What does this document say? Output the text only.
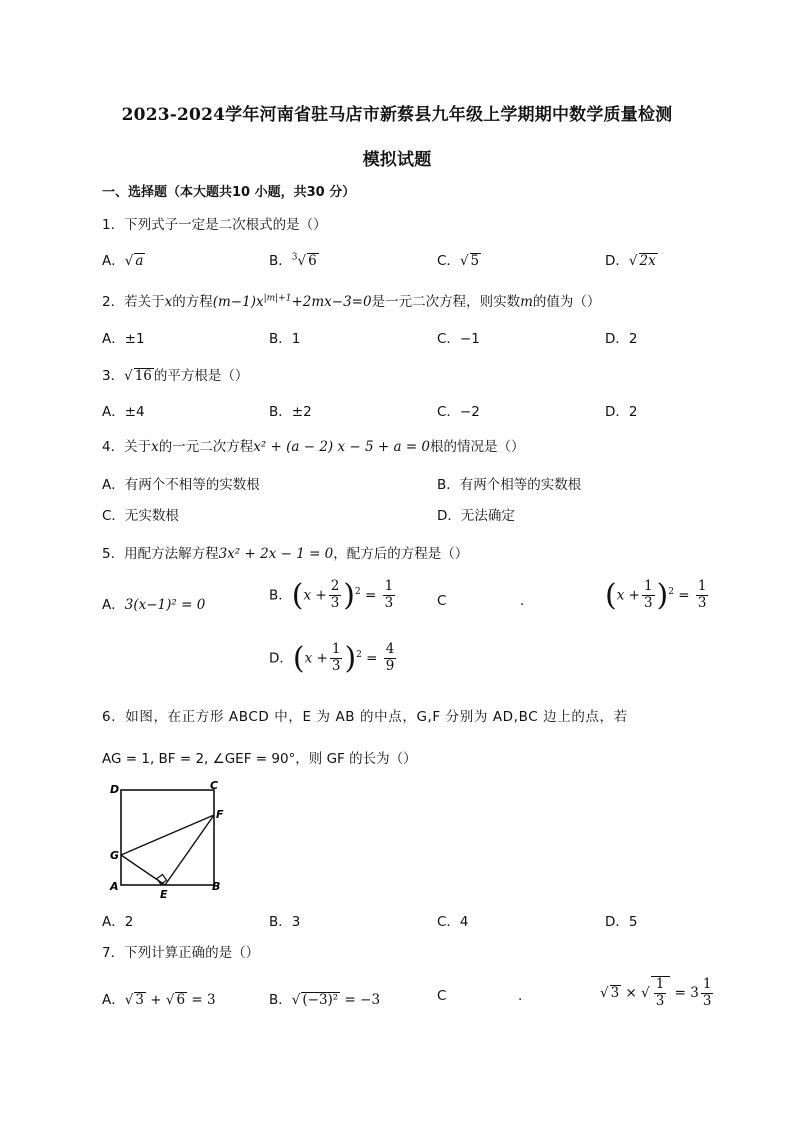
2023-2024学年河南省驻马店市新蔡县九年级上学期期中数学质量检测
模拟试题
一、选择题（本大题共10 小题，共30 分）
1．下列式子一定是二次根式的是（）
A．√ a	B．$^3$√ 6	C．√ 5	D．√ 2x
2．若关于x的方程$(m-1)x^{|m|+1}+2mx-3=0$是一元二次方程，则实数m的值为（）
A．±1	B．1	C．−1	D．2
3．√ 16 的平方根是（）
A．±4	B．±2	C．−2	D．2
4．关于x的一元二次方程x² + (a − 2) x − 5 + a = 0根的情况是（）
A．有两个不相等的实数根	B．有两个相等的实数根
C．无实数根	D．无法确定
5．用配方法解方程3x² + 2x − 1 = 0，配方后的方程是（）
A．3(x−1)² = 0
B．$(x + \frac{2}{3} )^2 = \frac{1}{3}$	C	.	$(x + \frac{1}{3} )^2 = \frac{1}{3}$
D．$(x + \frac{1}{3} )^2 = \frac{4}{9}$
6．如图，在正方形 ABCD 中，E 为 AB 的中点，G,F 分别为 AD,BC 边上的点，若
AG = 1, BF = 2, ∠GEF = 90°，则 GF 的长为（）
D	C
F
G
A
E
B
A．2	B．3	C．4	D．5
7．下列计算正确的是（）
A．√ 3 + √ 6 = 3	B．√ (−3)² = −3	C	.	√ 3 × √ $\frac{1}{3} = 3 \frac{1}{3}$
